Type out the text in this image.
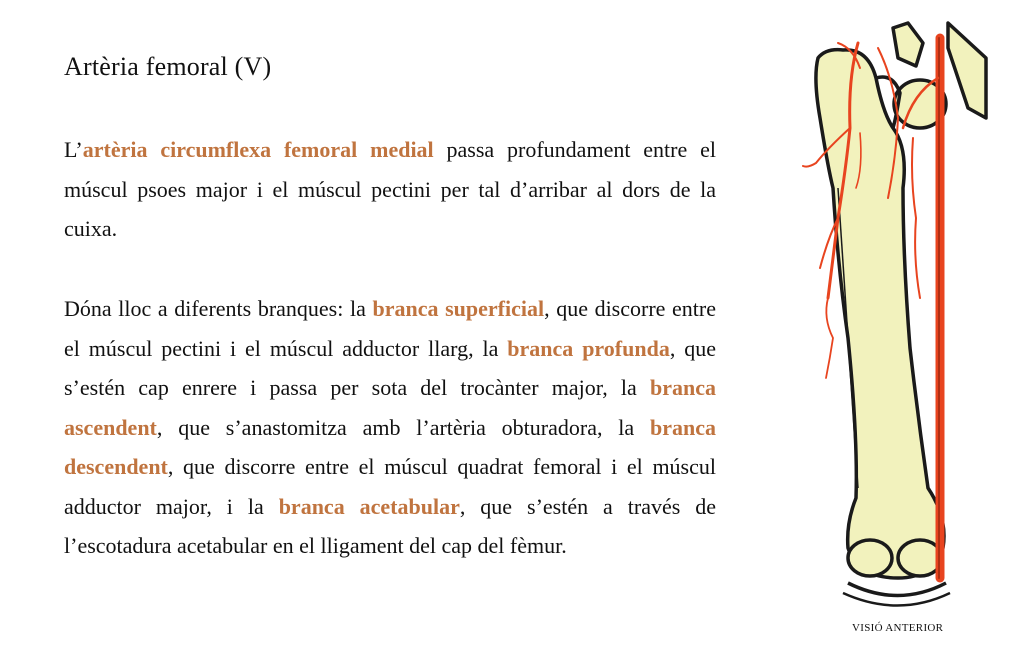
Artèria femoral (V)

L’artèria circumflexa femoral medial passa profundament entre el múscul psoes major i el múscul pectini per tal d’arribar al dors de la cuixa.

Dóna lloc a diferents branques: la branca superficial, que discorre entre el múscul pectini i el múscul adductor llarg, la branca profunda, que s’estén cap enrere i passa per sota del trocànter major, la branca ascendent, que s’anastomitza amb l’artèria obturadora, la branca descendent, que discorre entre el múscul quadrat femoral i el múscul adductor major, i la branca acetabular, que s’estén a través de l’escotadura acetabular en el lligament del cap del fèmur.

VISIÓ ANTERIOR
